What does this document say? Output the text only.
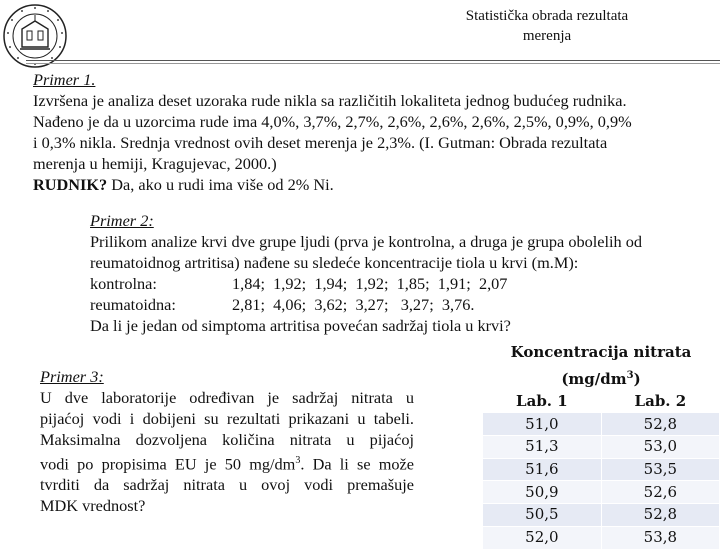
Statistička obrada rezultata
merenja
Primer 1.
Izvršena je analiza deset uzoraka rude nikla sa različitih lokaliteta jednog budućeg rudnika.
Nađeno je da u uzorcima rude ima 4,0%, 3,7%, 2,7%, 2,6%, 2,6%, 2,6%, 2,5%, 0,9%, 0,9%
i 0,3% nikla. Srednja vrednost ovih deset merenja je 2,3%. (I. Gutman: Obrada rezultata
merenja u hemiji, Kragujevac, 2000.)
RUDNIK? Da, ako u rudi ima više od 2% Ni.
Primer 2:
Prilikom analize krvi dve grupe ljudi (prva je kontrolna, a druga je grupa obolelih od
reumatoidnog artritisa) nađene su sledeće koncentracije tiola u krvi (m.M):
kontrolna:	1,84;  1,92;  1,94;  1,92;  1,85;  1,91;  2,07
reumatoidna:	2,81;  4,06;  3,62;  3,27;   3,27;  3,76.
Da li je jedan od simptoma artritisa povećan sadržaj tiola u krvi?
Primer 3:
U dve laboratorije određivan je sadržaj nitrata u
pijaćoj vodi i dobijeni su rezultati prikazani u tabeli.
Maksimalna dozvoljena količina nitrata u pijaćoj
vodi po propisima EU je 50 $mg/dm^3$. Da li se može
tvrditi da sadržaj nitrata u ovoj vodi premašuje
MDK vrednost?
Koncentracija nitrata	

$(mg/dm^3)$	
Lab. 1	Lab. 2
51,0	52,8
51,3	53,0
51,6	53,5
50,9	52,6
50,5	52,8
52,0	53,8
